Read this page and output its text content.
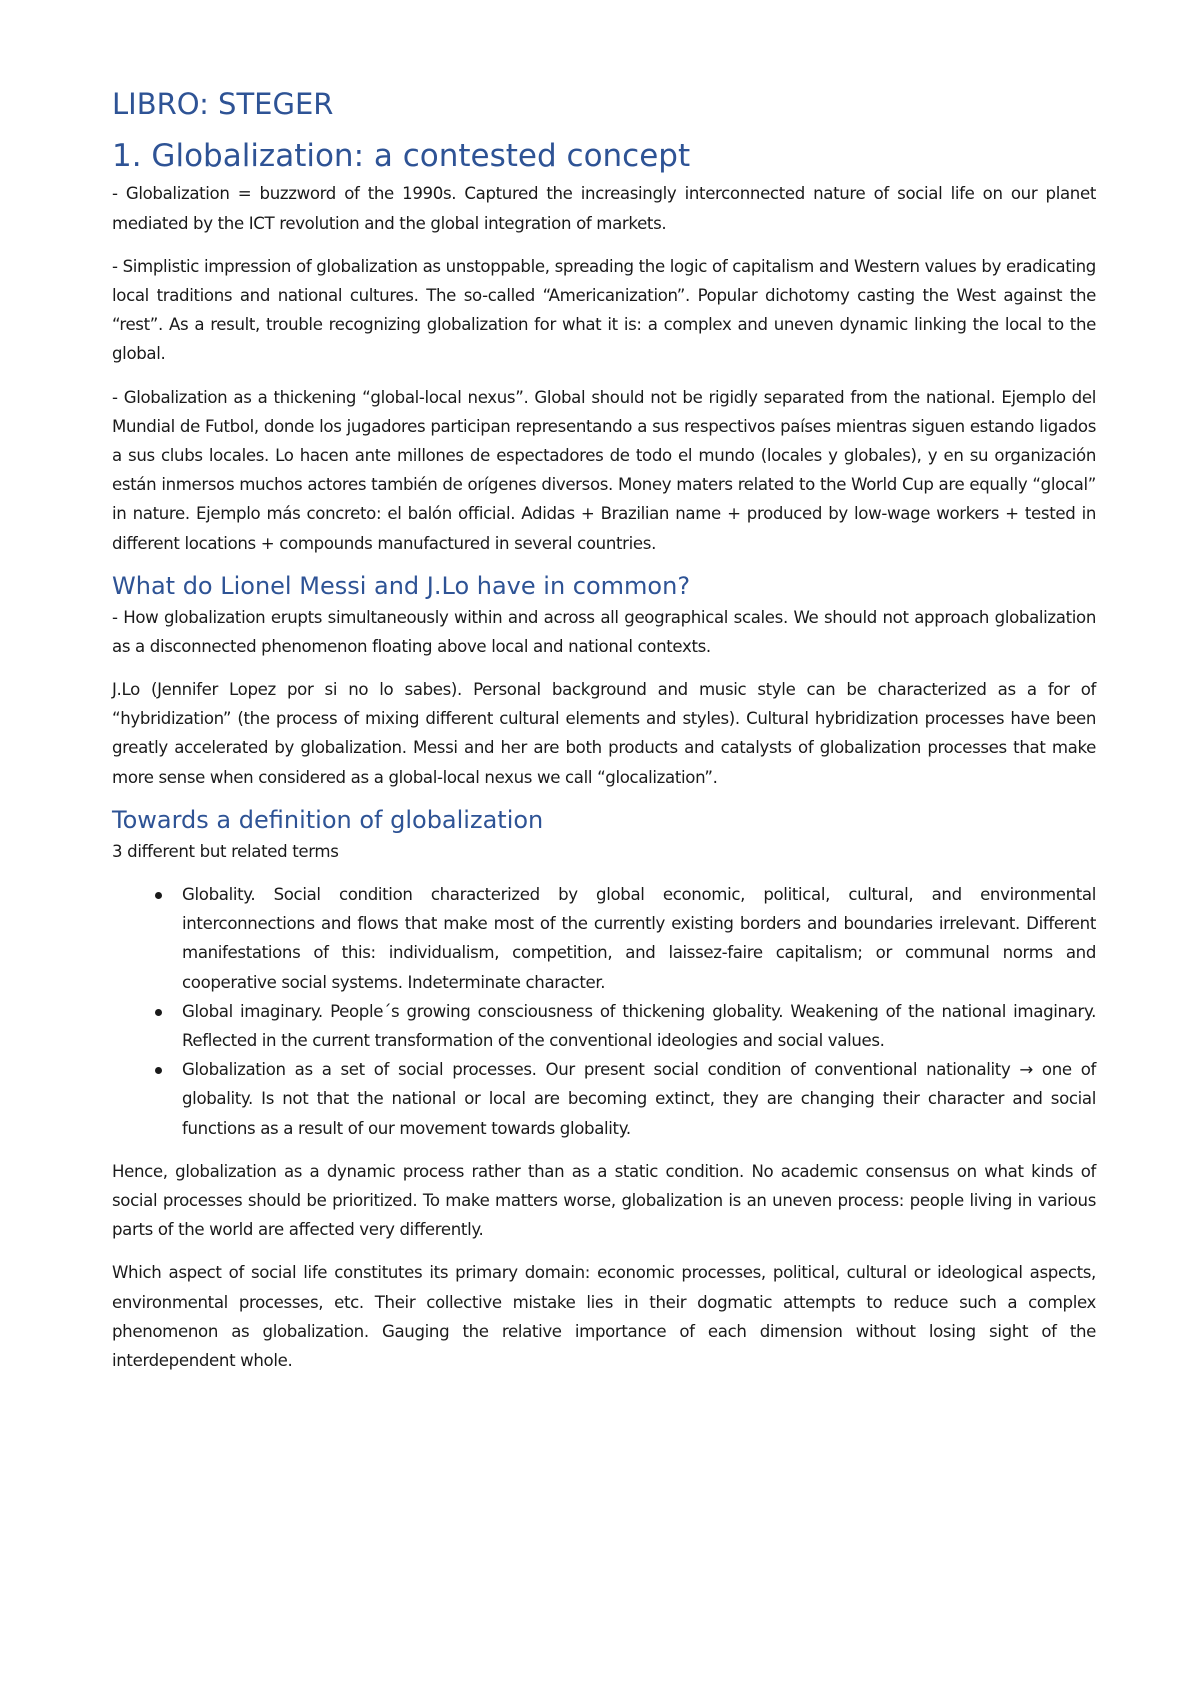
LIBRO: STEGER
1. Globalization: a contested concept

- Globalization = buzzword of the 1990s. Captured the increasingly interconnected nature of social life on our planet mediated by the ICT revolution and the global integration of markets.

- Simplistic impression of globalization as unstoppable, spreading the logic of capitalism and Western values by eradicating local traditions and national cultures. The so-called “Americanization”. Popular dichotomy casting the West against the “rest”. As a result, trouble recognizing globalization for what it is: a complex and uneven dynamic linking the local to the global.

- Globalization as a thickening “global-local nexus”. Global should not be rigidly separated from the national. Ejemplo del Mundial de Futbol, donde los jugadores participan representando a sus respectivos países mientras siguen estando ligados a sus clubs locales. Lo hacen ante millones de espectadores de todo el mundo (locales y globales), y en su organización están inmersos muchos actores también de orígenes diversos. Money maters related to the World Cup are equally “glocal” in nature. Ejemplo más concreto: el balón official. Adidas + Brazilian name + produced by low-wage workers + tested in different locations + compounds manufactured in several countries.

What do Lionel Messi and J.Lo have in common?

- How globalization erupts simultaneously within and across all geographical scales. We should not approach globalization as a disconnected phenomenon floating above local and national contexts.

J.Lo (Jennifer Lopez por si no lo sabes). Personal background and music style can be characterized as a for of “hybridization” (the process of mixing different cultural elements and styles). Cultural hybridization processes have been greatly accelerated by globalization. Messi and her are both products and catalysts of globalization processes that make more sense when considered as a global-local nexus we call “glocalization”.

Towards a definition of globalization

3 different but related terms

Globality. Social condition characterized by global economic, political, cultural, and environmental interconnections and flows that make most of the currently existing borders and boundaries irrelevant. Different manifestations of this: individualism, competition, and laissez-faire capitalism; or communal norms and cooperative social systems. Indeterminate character.
Global imaginary. People´s growing consciousness of thickening globality. Weakening of the national imaginary. Reflected in the current transformation of the conventional ideologies and social values.
Globalization as a set of social processes. Our present social condition of conventional nationality → one of globality. Is not that the national or local are becoming extinct, they are changing their character and social functions as a result of our movement towards globality.

Hence, globalization as a dynamic process rather than as a static condition. No academic consensus on what kinds of social processes should be prioritized. To make matters worse, globalization is an uneven process: people living in various parts of the world are affected very differently.

Which aspect of social life constitutes its primary domain: economic processes, political, cultural or ideological aspects, environmental processes, etc. Their collective mistake lies in their dogmatic attempts to reduce such a complex phenomenon as globalization. Gauging the relative importance of each dimension without losing sight of the interdependent whole.
